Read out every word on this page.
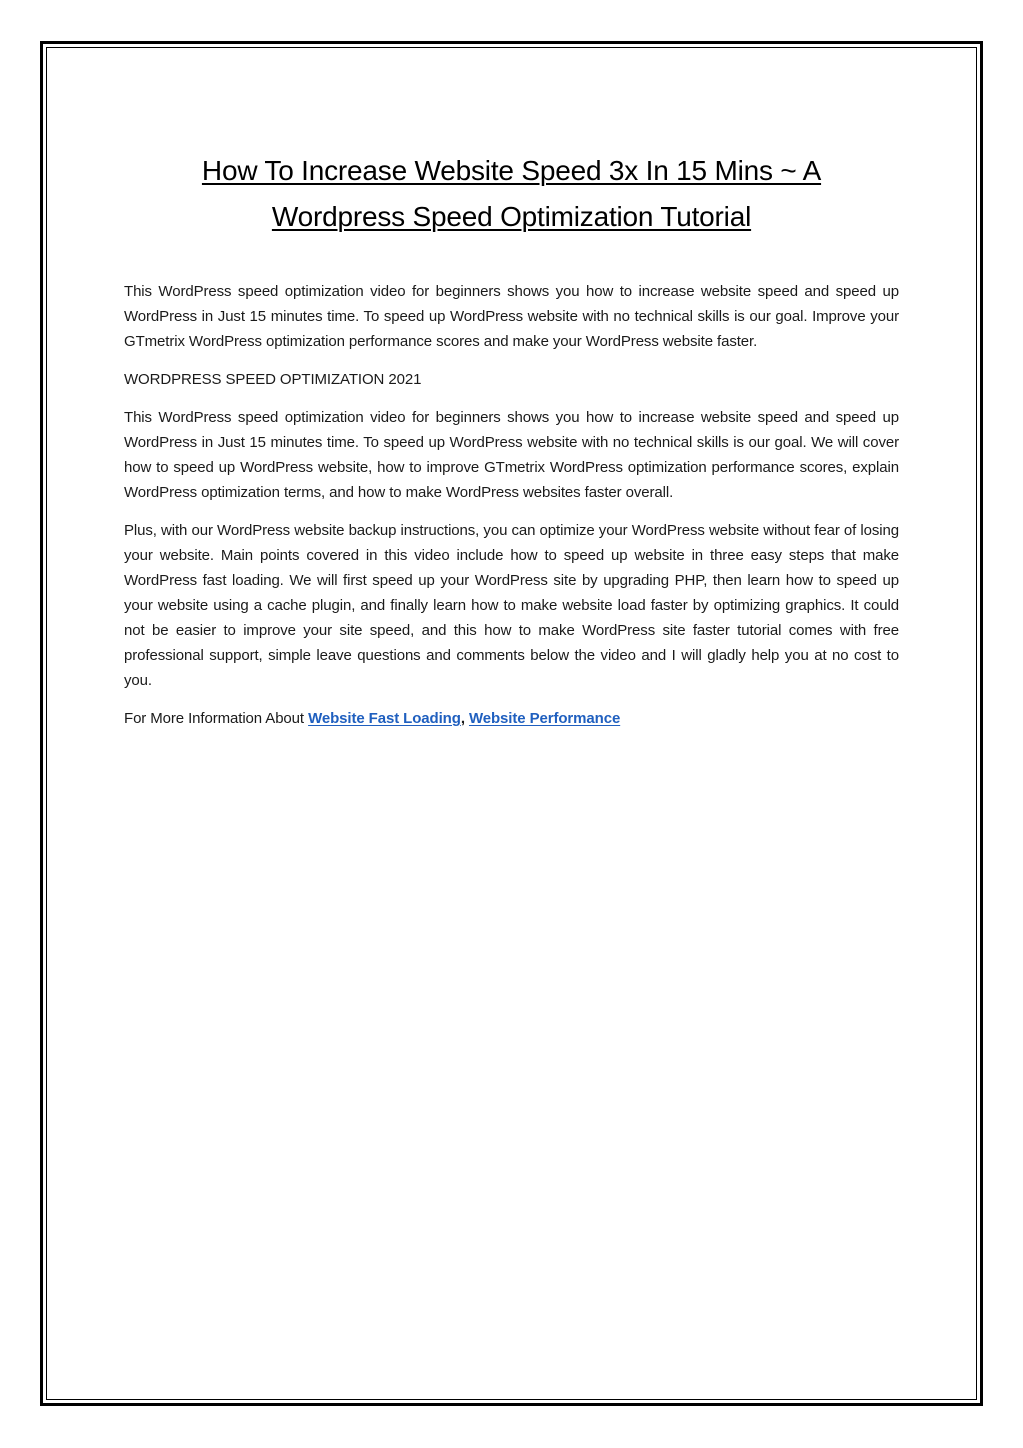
How To Increase Website Speed 3x In 15 Mins ~ A
Wordpress Speed Optimization Tutorial

This WordPress speed optimization video for beginners shows you how to increase website speed and speed up WordPress in Just 15 minutes time. To speed up WordPress website with no technical skills is our goal. Improve your GTmetrix WordPress optimization performance scores and make your WordPress website faster.

WORDPRESS SPEED OPTIMIZATION 2021

This WordPress speed optimization video for beginners shows you how to increase website speed and speed up WordPress in Just 15 minutes time. To speed up WordPress website with no technical skills is our goal. We will cover how to speed up WordPress website, how to improve GTmetrix WordPress optimization performance scores, explain WordPress optimization terms, and how to make WordPress websites faster overall.

Plus, with our WordPress website backup instructions, you can optimize your WordPress website without fear of losing your website. Main points covered in this video include how to speed up website in three easy steps that make WordPress fast loading. We will first speed up your WordPress site by upgrading PHP, then learn how to speed up your website using a cache plugin, and finally learn how to make website load faster by optimizing graphics. It could not be easier to improve your site speed, and this how to make WordPress site faster tutorial comes with free professional support, simple leave questions and comments below the video and I will gladly help you at no cost to you.

For More Information About Website Fast Loading, Website Performance
